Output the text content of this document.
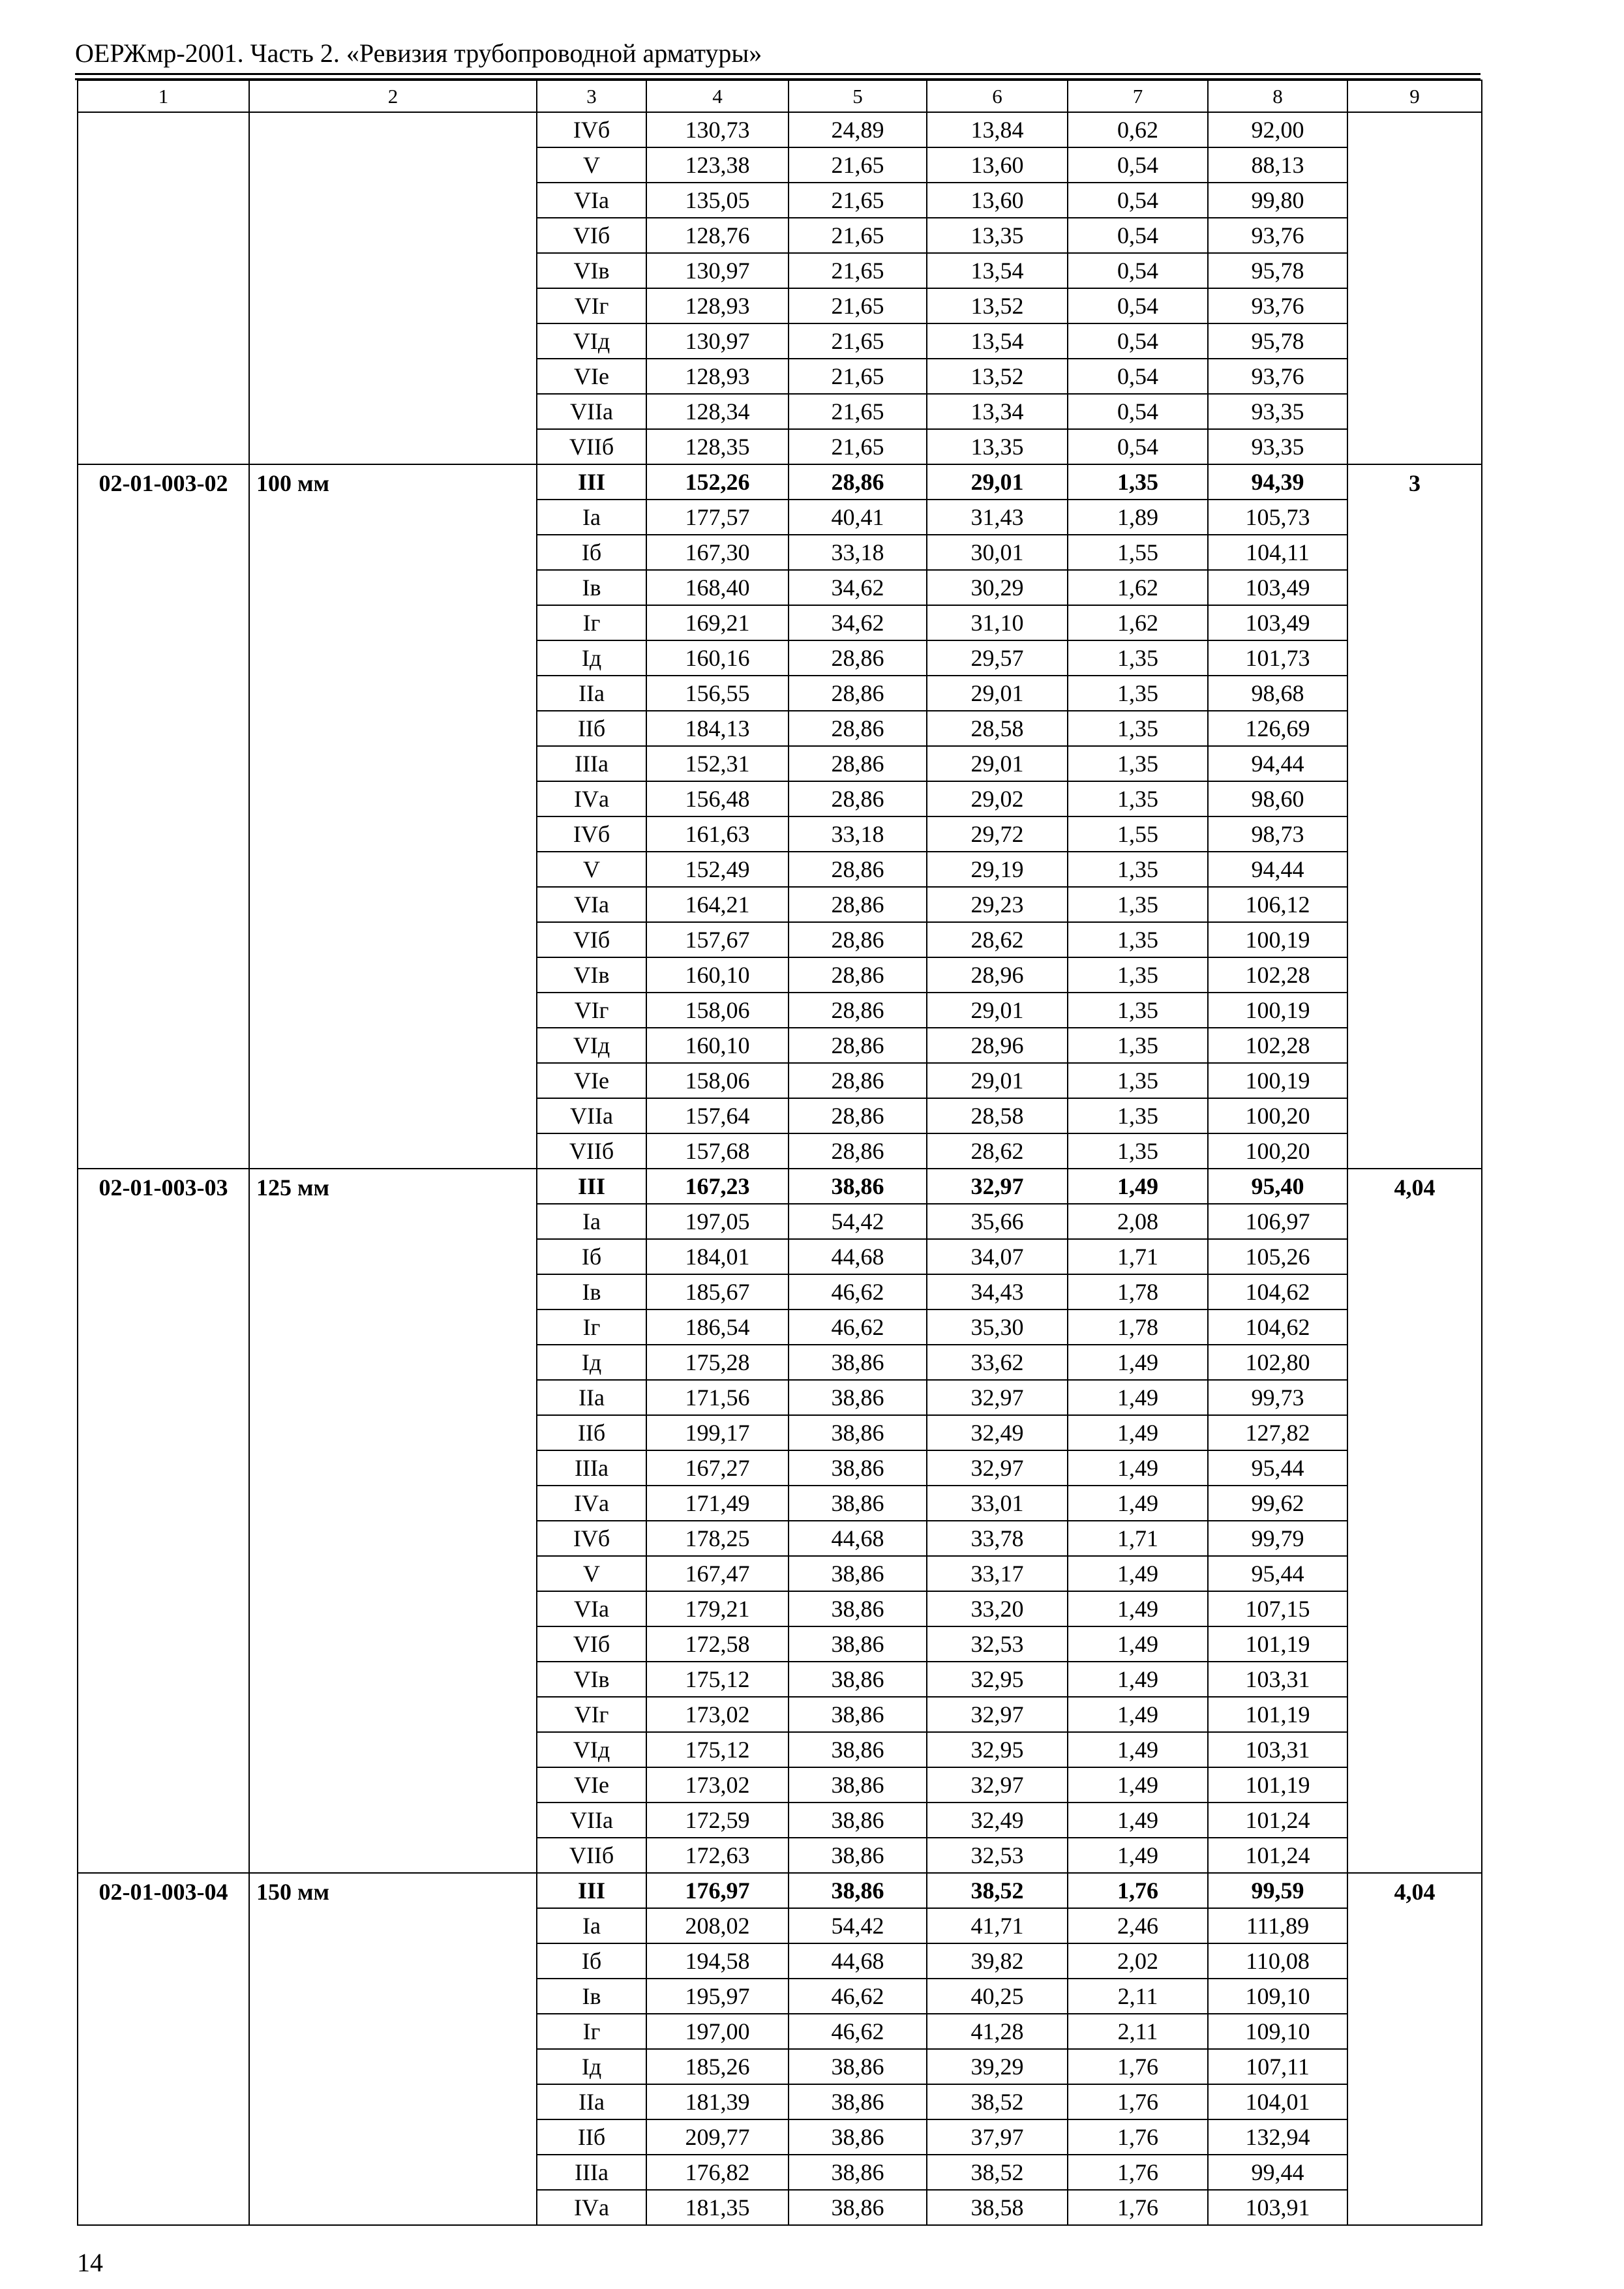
ОЕРЖмр-2001. Часть 2. «Ревизия трубопроводной арматуры»
1	2	3	4	5	6	7	8	9
		IVб	130,73	24,89	13,84	0,62	92,00	
		V	123,38	21,65	13,60	0,54	88,13	
		VIа	135,05	21,65	13,60	0,54	99,80	
		VIб	128,76	21,65	13,35	0,54	93,76	
		VIв	130,97	21,65	13,54	0,54	95,78	
		VIг	128,93	21,65	13,52	0,54	93,76	
		VIд	130,97	21,65	13,54	0,54	95,78	
		VIе	128,93	21,65	13,52	0,54	93,76	
		VIIа	128,34	21,65	13,34	0,54	93,35	
		VIIб	128,35	21,65	13,35	0,54	93,35	
02-01-003-02	100 мм	III	152,26	28,86	29,01	1,35	94,39	3
		Iа	177,57	40,41	31,43	1,89	105,73	
		Iб	167,30	33,18	30,01	1,55	104,11	
		Iв	168,40	34,62	30,29	1,62	103,49	
		Iг	169,21	34,62	31,10	1,62	103,49	
		Iд	160,16	28,86	29,57	1,35	101,73	
		IIа	156,55	28,86	29,01	1,35	98,68	
		IIб	184,13	28,86	28,58	1,35	126,69	
		IIIа	152,31	28,86	29,01	1,35	94,44	
		IVа	156,48	28,86	29,02	1,35	98,60	
		IVб	161,63	33,18	29,72	1,55	98,73	
		V	152,49	28,86	29,19	1,35	94,44	
		VIа	164,21	28,86	29,23	1,35	106,12	
		VIб	157,67	28,86	28,62	1,35	100,19	
		VIв	160,10	28,86	28,96	1,35	102,28	
		VIг	158,06	28,86	29,01	1,35	100,19	
		VIд	160,10	28,86	28,96	1,35	102,28	
		VIе	158,06	28,86	29,01	1,35	100,19	
		VIIа	157,64	28,86	28,58	1,35	100,20	
		VIIб	157,68	28,86	28,62	1,35	100,20	
02-01-003-03	125 мм	III	167,23	38,86	32,97	1,49	95,40	4,04
		Iа	197,05	54,42	35,66	2,08	106,97	
		Iб	184,01	44,68	34,07	1,71	105,26	
		Iв	185,67	46,62	34,43	1,78	104,62	
		Iг	186,54	46,62	35,30	1,78	104,62	
		Iд	175,28	38,86	33,62	1,49	102,80	
		IIа	171,56	38,86	32,97	1,49	99,73	
		IIб	199,17	38,86	32,49	1,49	127,82	
		IIIа	167,27	38,86	32,97	1,49	95,44	
		IVа	171,49	38,86	33,01	1,49	99,62	
		IVб	178,25	44,68	33,78	1,71	99,79	
		V	167,47	38,86	33,17	1,49	95,44	
		VIа	179,21	38,86	33,20	1,49	107,15	
		VIб	172,58	38,86	32,53	1,49	101,19	
		VIв	175,12	38,86	32,95	1,49	103,31	
		VIг	173,02	38,86	32,97	1,49	101,19	
		VIд	175,12	38,86	32,95	1,49	103,31	
		VIе	173,02	38,86	32,97	1,49	101,19	
		VIIа	172,59	38,86	32,49	1,49	101,24	
		VIIб	172,63	38,86	32,53	1,49	101,24	
02-01-003-04	150 мм	III	176,97	38,86	38,52	1,76	99,59	4,04
		Iа	208,02	54,42	41,71	2,46	111,89	
		Iб	194,58	44,68	39,82	2,02	110,08	
		Iв	195,97	46,62	40,25	2,11	109,10	
		Iг	197,00	46,62	41,28	2,11	109,10	
		Iд	185,26	38,86	39,29	1,76	107,11	
		IIа	181,39	38,86	38,52	1,76	104,01	
		IIб	209,77	38,86	37,97	1,76	132,94	
		IIIа	176,82	38,86	38,52	1,76	99,44	
		IVа	181,35	38,86	38,58	1,76	103,91	
14
